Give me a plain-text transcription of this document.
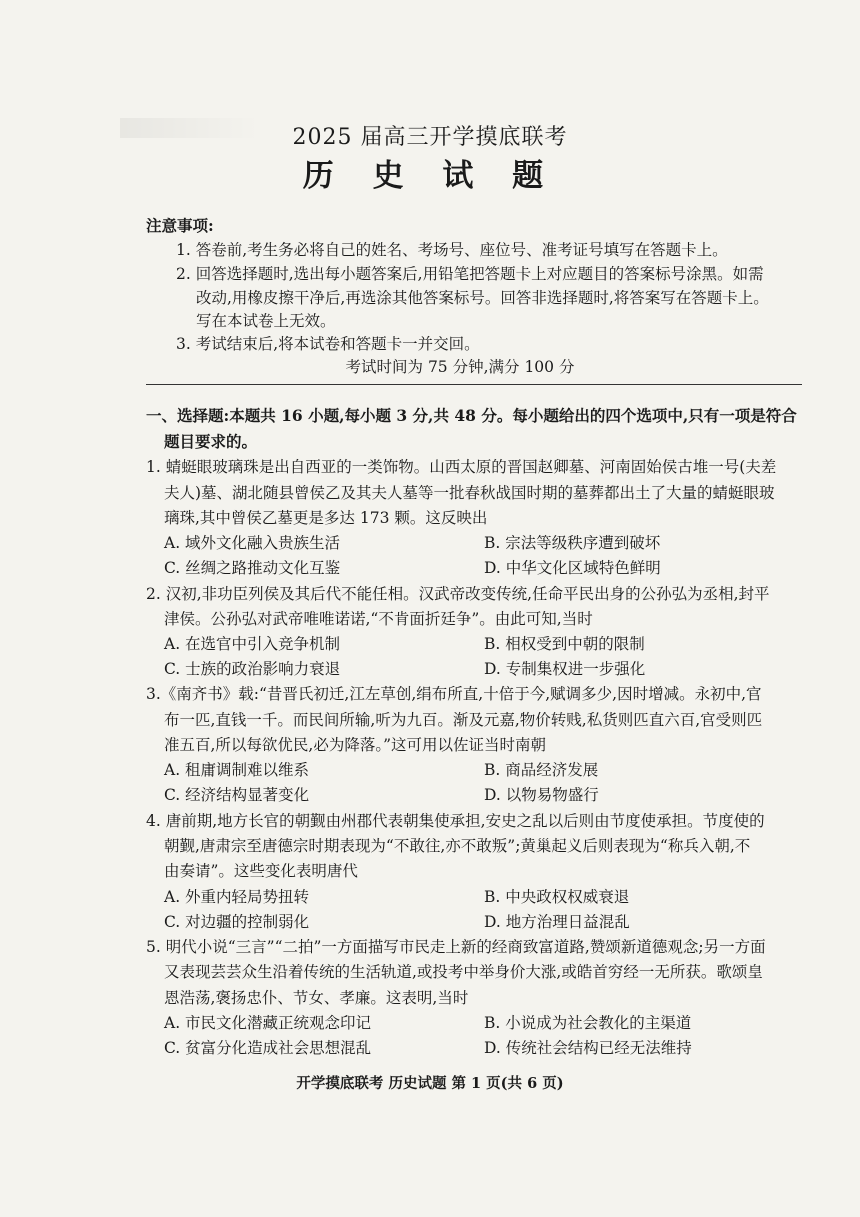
2025 届高三开学摸底联考
历 史 试 题
注意事项:
1. 答卷前,考生务必将自己的姓名、考场号、座位号、准考证号填写在答题卡上。
2. 回答选择题时,选出每小题答案后,用铅笔把答题卡上对应题目的答案标号涂黑。如需
改动,用橡皮擦干净后,再选涂其他答案标号。回答非选择题时,将答案写在答题卡上。
写在本试卷上无效。
3. 考试结束后,将本试卷和答题卡一并交回。
考试时间为 75 分钟,满分 100 分
一、选择题:本题共 16 小题,每小题 3 分,共 48 分。每小题给出的四个选项中,只有一项是符合
题目要求的。
1. 蜻蜓眼玻璃珠是出自西亚的一类饰物。山西太原的晋国赵卿墓、河南固始侯古堆一号(夫差
夫人)墓、湖北随县曾侯乙及其夫人墓等一批春秋战国时期的墓葬都出土了大量的蜻蜓眼玻
璃珠,其中曾侯乙墓更是多达 173 颗。这反映出
A. 域外文化融入贵族生活	B. 宗法等级秩序遭到破坏
C. 丝绸之路推动文化互鉴	D. 中华文化区域特色鲜明
2. 汉初,非功臣列侯及其后代不能任相。汉武帝改变传统,任命平民出身的公孙弘为丞相,封平
津侯。公孙弘对武帝唯唯诺诺,“不肯面折廷争”。由此可知,当时
A. 在选官中引入竞争机制	B. 相权受到中朝的限制
C. 士族的政治影响力衰退	D. 专制集权进一步强化
3.《南齐书》载:“昔晋氏初迁,江左草创,绢布所直,十倍于今,赋调多少,因时增减。永初中,官
布一匹,直钱一千。而民间所输,听为九百。渐及元嘉,物价转贱,私货则匹直六百,官受则匹
准五百,所以每欲优民,必为降落。”这可用以佐证当时南朝
A. 租庸调制难以维系	B. 商品经济发展
C. 经济结构显著变化	D. 以物易物盛行
4. 唐前期,地方长官的朝觐由州郡代表朝集使承担,安史之乱以后则由节度使承担。节度使的
朝觐,唐肃宗至唐德宗时期表现为“不敢往,亦不敢叛”;黄巢起义后则表现为“称兵入朝,不
由奏请”。这些变化表明唐代
A. 外重内轻局势扭转	B. 中央政权权威衰退
C. 对边疆的控制弱化	D. 地方治理日益混乱
5. 明代小说“三言”“二拍”一方面描写市民走上新的经商致富道路,赞颂新道德观念;另一方面
又表现芸芸众生沿着传统的生活轨道,或投考中举身价大涨,或皓首穷经一无所获。歌颂皇
恩浩荡,褒扬忠仆、节女、孝廉。这表明,当时
A. 市民文化潜藏正统观念印记	B. 小说成为社会教化的主渠道
C. 贫富分化造成社会思想混乱	D. 传统社会结构已经无法维持
开学摸底联考 历史试题 第 1 页(共 6 页)
